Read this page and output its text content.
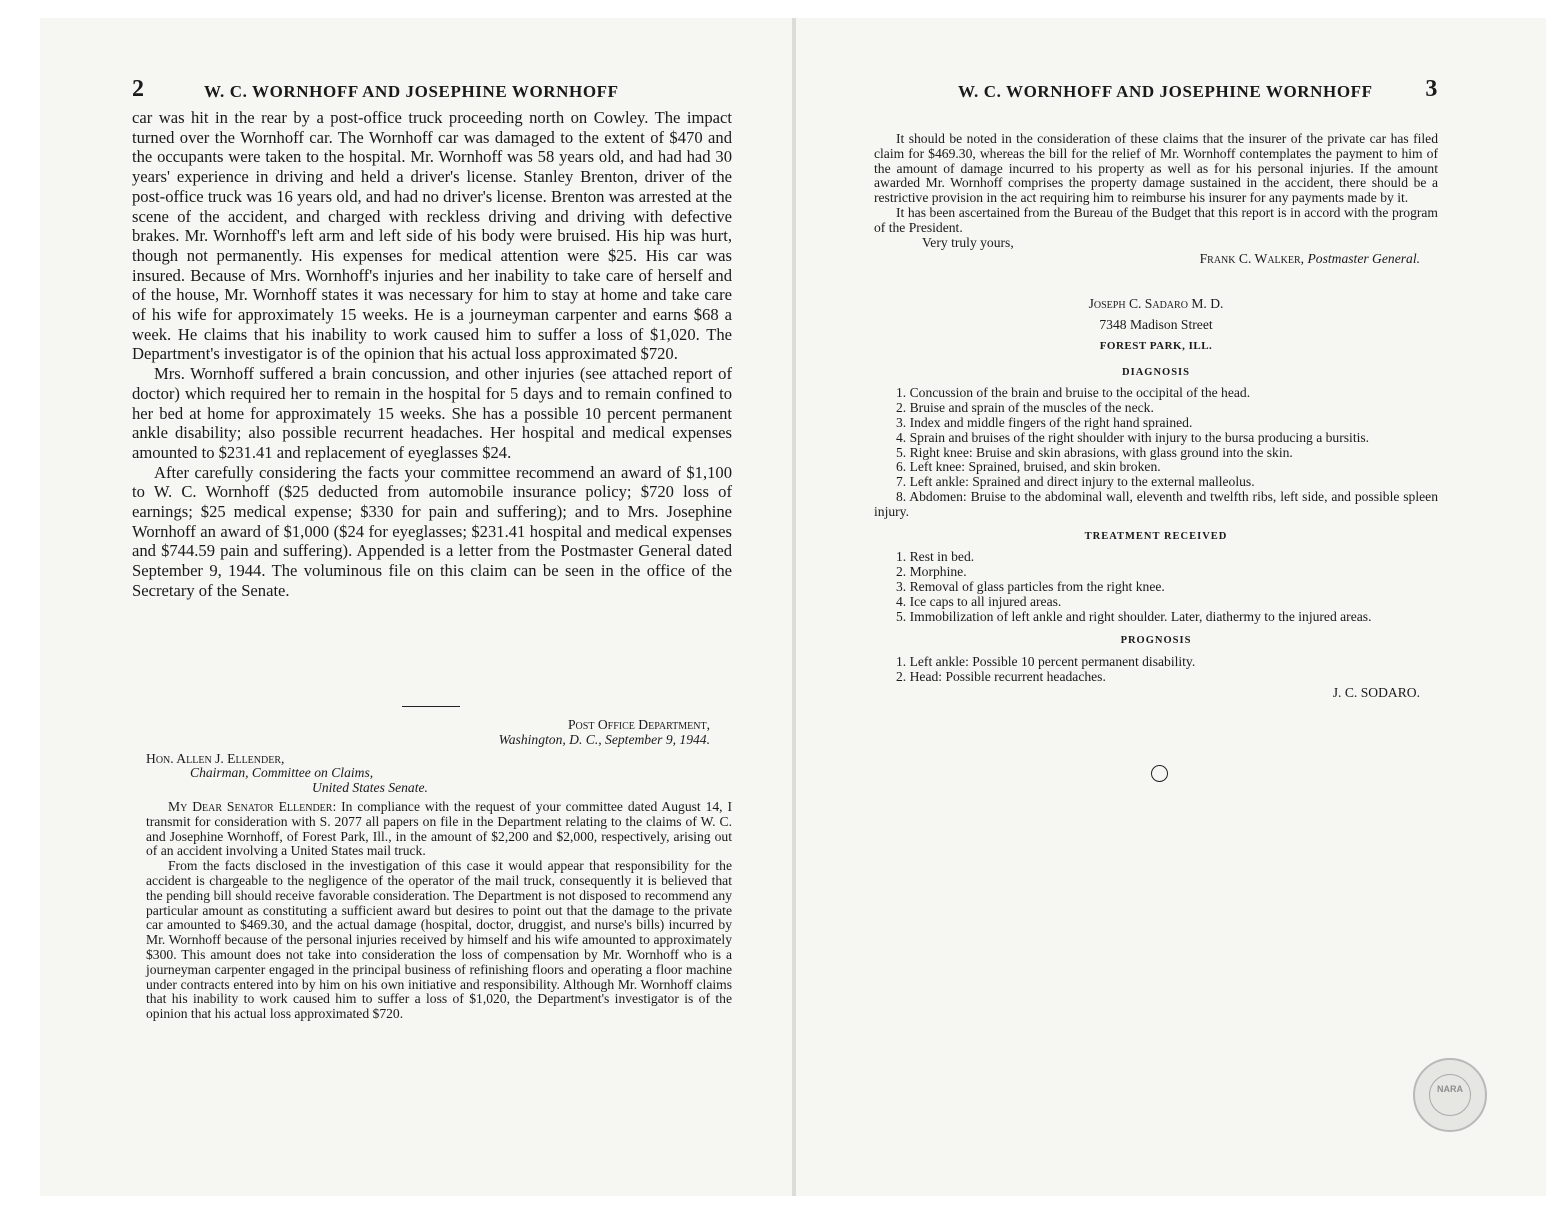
2	W. C. WORNHOFF AND JOSEPHINE WORNHOFF

car was hit in the rear by a post-office truck proceeding north on Cowley. The impact turned over the Wornhoff car. The Wornhoff car was damaged to the extent of $470 and the occupants were taken to the hospital. Mr. Wornhoff was 58 years old, and had had 30 years' experience in driving and held a driver's license. Stanley Brenton, driver of the post-office truck was 16 years old, and had no driver's license. Brenton was arrested at the scene of the accident, and charged with reckless driving and driving with defective brakes. Mr. Wornhoff's left arm and left side of his body were bruised. His hip was hurt, though not permanently. His expenses for medical attention were $25. His car was insured. Because of Mrs. Wornhoff's injuries and her inability to take care of herself and of the house, Mr. Wornhoff states it was necessary for him to stay at home and take care of his wife for approximately 15 weeks. He is a journeyman carpenter and earns $68 a week. He claims that his inability to work caused him to suffer a loss of $1,020. The Department's investigator is of the opinion that his actual loss approximated $720.

Mrs. Wornhoff suffered a brain concussion, and other injuries (see attached report of doctor) which required her to remain in the hospital for 5 days and to remain confined to her bed at home for approximately 15 weeks. She has a possible 10 percent permanent ankle disability; also possible recurrent headaches. Her hospital and medical expenses amounted to $231.41 and replacement of eyeglasses $24.

After carefully considering the facts your committee recommend an award of $1,100 to W. C. Wornhoff ($25 deducted from automobile insurance policy; $720 loss of earnings; $25 medical expense; $330 for pain and suffering); and to Mrs. Josephine Wornhoff an award of $1,000 ($24 for eyeglasses; $231.41 hospital and medical expenses and $744.59 pain and suffering). Appended is a letter from the Postmaster General dated September 9, 1944. The voluminous file on this claim can be seen in the office of the Secretary of the Senate.

Post Office Department,
Washington, D. C., September 9, 1944.
Hon. Allen J. Ellender,
Chairman, Committee on Claims,
United States Senate.

My Dear Senator Ellender: In compliance with the request of your committee dated August 14, I transmit for consideration with S. 2077 all papers on file in the Department relating to the claims of W. C. and Josephine Wornhoff, of Forest Park, Ill., in the amount of $2,200 and $2,000, respectively, arising out of an accident involving a United States mail truck.

From the facts disclosed in the investigation of this case it would appear that responsibility for the accident is chargeable to the negligence of the operator of the mail truck, consequently it is believed that the pending bill should receive favorable consideration. The Department is not disposed to recommend any particular amount as constituting a sufficient award but desires to point out that the damage to the private car amounted to $469.30, and the actual damage (hospital, doctor, druggist, and nurse's bills) incurred by Mr. Wornhoff because of the personal injuries received by himself and his wife amounted to approximately $300. This amount does not take into consideration the loss of compensation by Mr. Wornhoff who is a journeyman carpenter engaged in the principal business of refinishing floors and operating a floor machine under contracts entered into by him on his own initiative and responsibility. Although Mr. Wornhoff claims that his inability to work caused him to suffer a loss of $1,020, the Department's investigator is of the opinion that his actual loss approximated $720.

W. C. WORNHOFF AND JOSEPHINE WORNHOFF 3

It should be noted in the consideration of these claims that the insurer of the private car has filed claim for $469.30, whereas the bill for the relief of Mr. Wornhoff contemplates the payment to him of the amount of damage incurred to his property as well as for his personal injuries. If the amount awarded Mr. Wornhoff comprises the property damage sustained in the accident, there should be a restrictive provision in the act requiring him to reimburse his insurer for any payments made by it.

It has been ascertained from the Bureau of the Budget that this report is in accord with the program of the President.

Very truly yours,
Frank C. Walker, Postmaster General.
Joseph C. Sadaro M. D.
7348 Madison Street
FOREST PARK, ILL.
DIAGNOSIS
1. Concussion of the brain and bruise to the occipital of the head.
2. Bruise and sprain of the muscles of the neck.
3. Index and middle fingers of the right hand sprained.
4. Sprain and bruises of the right shoulder with injury to the bursa producing a bursitis.
5. Right knee: Bruise and skin abrasions, with glass ground into the skin.
6. Left knee: Sprained, bruised, and skin broken.
7. Left ankle: Sprained and direct injury to the external malleolus.
8. Abdomen: Bruise to the abdominal wall, eleventh and twelfth ribs, left side, and possible spleen injury.
TREATMENT RECEIVED
1. Rest in bed.
2. Morphine.
3. Removal of glass particles from the right knee.
4. Ice caps to all injured areas.
5. Immobilization of left ankle and right shoulder. Later, diathermy to the injured areas.
PROGNOSIS
1. Left ankle: Possible 10 percent permanent disability.
2. Head: Possible recurrent headaches.
J. C. SODARO.
NARA
